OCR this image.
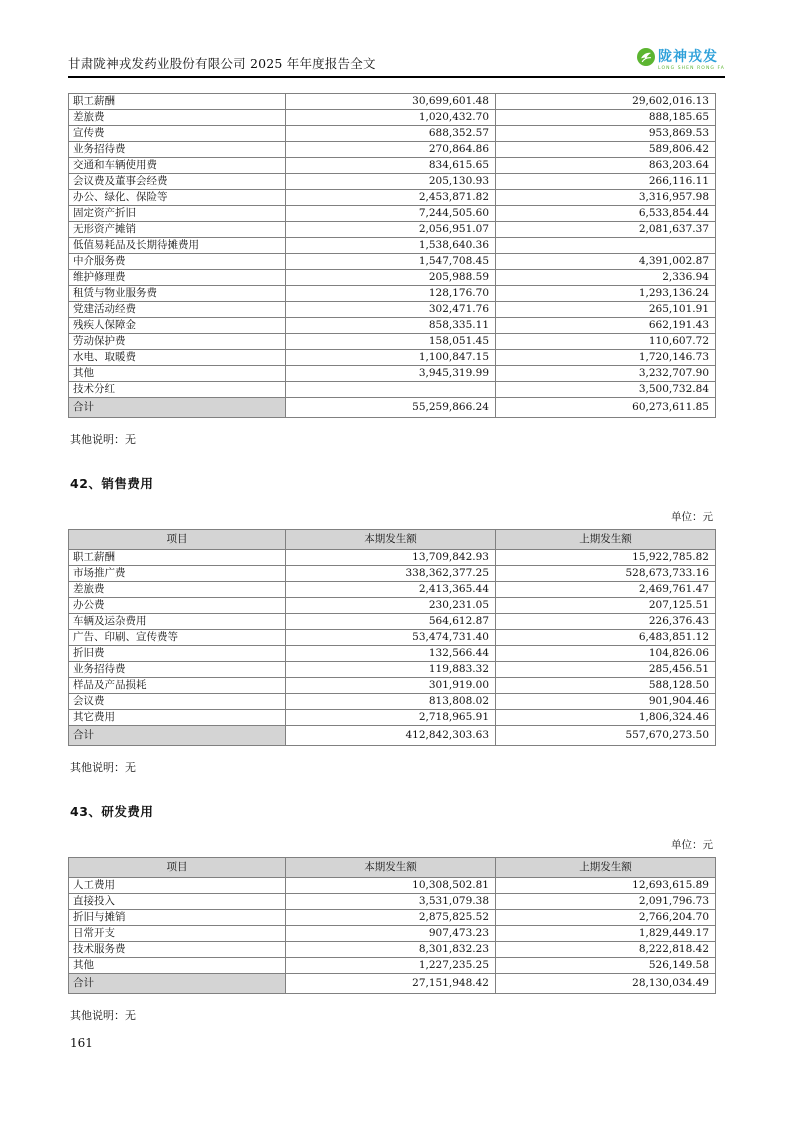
甘肃陇神戎发药业股份有限公司 2025 年年度报告全文	陇神戎发
LONG SHEN RONG FA
职工薪酬	30,699,601.48	29,602,016.13
差旅费	1,020,432.70	888,185.65
宣传费	688,352.57	953,869.53
业务招待费	270,864.86	589,806.42
交通和车辆使用费	834,615.65	863,203.64
会议费及董事会经费	205,130.93	266,116.11
办公、绿化、保险等	2,453,871.82	3,316,957.98
固定资产折旧	7,244,505.60	6,533,854.44
无形资产摊销	2,056,951.07	2,081,637.37
低值易耗品及长期待摊费用	1,538,640.36	
中介服务费	1,547,708.45	4,391,002.87
维护修理费	205,988.59	2,336.94
租赁与物业服务费	128,176.70	1,293,136.24
党建活动经费	302,471.76	265,101.91
残疾人保障金	858,335.11	662,191.43
劳动保护费	158,051.45	110,607.72
水电、取暖费	1,100,847.15	1,720,146.73
其他	3,945,319.99	3,232,707.90
技术分红		3,500,732.84
合计	55,259,866.24	60,273,611.85
其他说明：无
42、销售费用
单位：元
项目	本期发生额	上期发生额
职工薪酬	13,709,842.93	15,922,785.82
市场推广费	338,362,377.25	528,673,733.16
差旅费	2,413,365.44	2,469,761.47
办公费	230,231.05	207,125.51
车辆及运杂费用	564,612.87	226,376.43
广告、印刷、宣传费等	53,474,731.40	6,483,851.12
折旧费	132,566.44	104,826.06
业务招待费	119,883.32	285,456.51
样品及产品损耗	301,919.00	588,128.50
会议费	813,808.02	901,904.46
其它费用	2,718,965.91	1,806,324.46
合计	412,842,303.63	557,670,273.50
其他说明：无
43、研发费用
单位：元
项目	本期发生额	上期发生额
人工费用	10,308,502.81	12,693,615.89
直接投入	3,531,079.38	2,091,796.73
折旧与摊销	2,875,825.52	2,766,204.70
日常开支	907,473.23	1,829,449.17
技术服务费	8,301,832.23	8,222,818.42
其他	1,227,235.25	526,149.58
合计	27,151,948.42	28,130,034.49
其他说明：无
161
